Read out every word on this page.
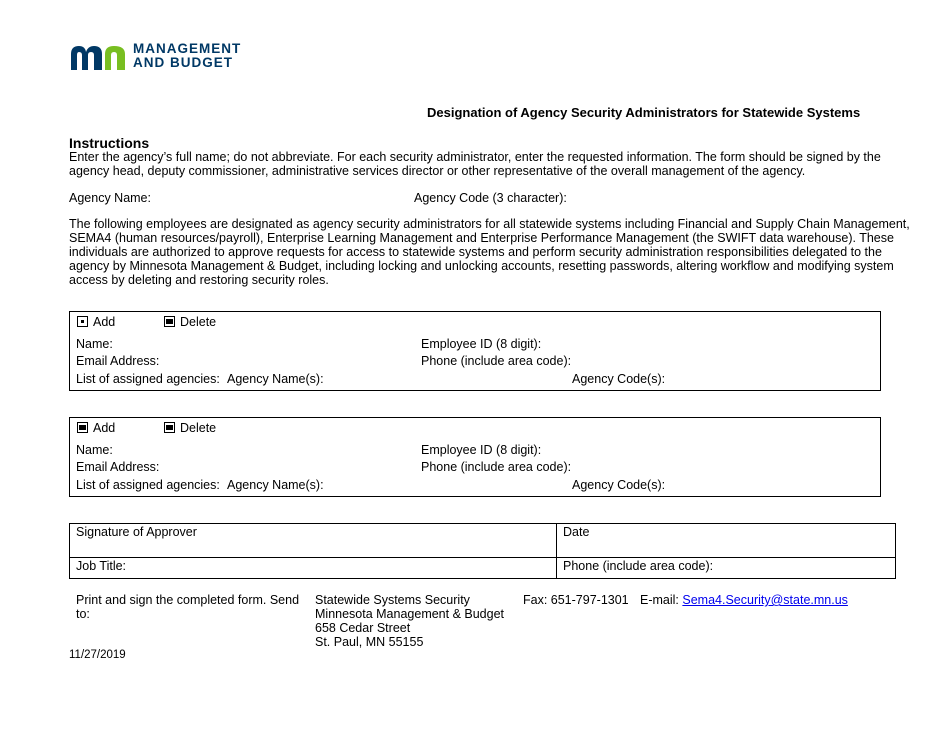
MANAGEMENT
AND BUDGET
Designation of Agency Security Administrators for Statewide Systems
Instructions
Enter the agency’s full name; do not abbreviate. For each security administrator, enter the requested information. The form should be signed by the
agency head, deputy commissioner, administrative services director or other representative of the overall management of the agency.
Agency Name:	Agency Code (3 character):
The following employees are designated as agency security administrators for all statewide systems including Financial and Supply Chain Management,
SEMA4 (human resources/payroll), Enterprise Learning Management and Enterprise Performance Management (the SWIFT data warehouse). These
individuals are authorized to approve requests for access to statewide systems and perform security administration responsibilities delegated to the
agency by Minnesota Management & Budget, including locking and unlocking accounts, resetting passwords, altering workflow and modifying system
access by deleting and restoring security roles.
Add	Delete
Name:	Employee ID (8 digit):
Email Address:	Phone (include area code):
List of assigned agencies: Agency Name(s):	Agency Code(s):
Add	Delete
Name:	Employee ID (8 digit):
Email Address:	Phone (include area code):
List of assigned agencies: Agency Name(s):	Agency Code(s):
Signature of Approver	Date
Job Title:	Phone (include area code):
Print and sign the completed form. Send
to:
Statewide Systems Security
Minnesota Management & Budget
658 Cedar Street
St. Paul, MN 55155
Fax: 651-797-1301 E-mail: Sema4.Security@state.mn.us
11/27/2019
